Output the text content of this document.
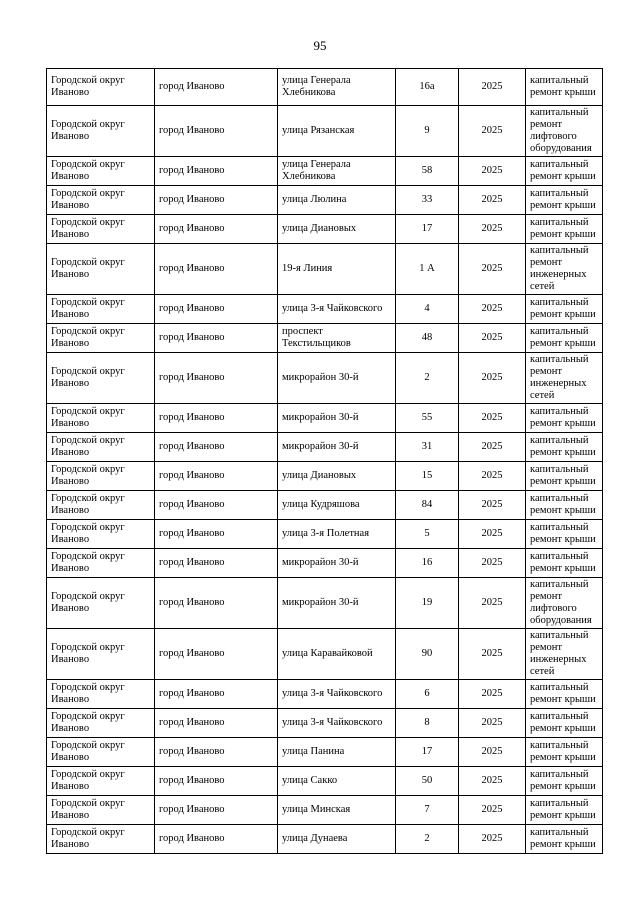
95
Городской округ Иваново	город Иваново	улица Генерала Хлебникова	16а	2025	капитальный ремонт крыши
Городской округ Иваново	город Иваново	улица Рязанская	9	2025	капитальный ремонт лифтового оборудования
Городской округ Иваново	город Иваново	улица Генерала Хлебникова	58	2025	капитальный ремонт крыши
Городской округ Иваново	город Иваново	улица Люлина	33	2025	капитальный ремонт крыши
Городской округ Иваново	город Иваново	улица Диановых	17	2025	капитальный ремонт крыши
Городской округ Иваново	город Иваново	19-я Линия	1 А	2025	капитальный ремонт инженерных сетей
Городской округ Иваново	город Иваново	улица 3-я Чайковского	4	2025	капитальный ремонт крыши
Городской округ Иваново	город Иваново	проспект Текстильщиков	48	2025	капитальный ремонт крыши
Городской округ Иваново	город Иваново	микрорайон 30-й	2	2025	капитальный ремонт инженерных сетей
Городской округ Иваново	город Иваново	микрорайон 30-й	55	2025	капитальный ремонт крыши
Городской округ Иваново	город Иваново	микрорайон 30-й	31	2025	капитальный ремонт крыши
Городской округ Иваново	город Иваново	улица Диановых	15	2025	капитальный ремонт крыши
Городской округ Иваново	город Иваново	улица Кудряшова	84	2025	капитальный ремонт крыши
Городской округ Иваново	город Иваново	улица 3-я Полетная	5	2025	капитальный ремонт крыши
Городской округ Иваново	город Иваново	микрорайон 30-й	16	2025	капитальный ремонт крыши
Городской округ Иваново	город Иваново	микрорайон 30-й	19	2025	капитальный ремонт лифтового оборудования
Городской округ Иваново	город Иваново	улица Каравайковой	90	2025	капитальный ремонт инженерных сетей
Городской округ Иваново	город Иваново	улица 3-я Чайковского	6	2025	капитальный ремонт крыши
Городской округ Иваново	город Иваново	улица 3-я Чайковского	8	2025	капитальный ремонт крыши
Городской округ Иваново	город Иваново	улица Панина	17	2025	капитальный ремонт крыши
Городской округ Иваново	город Иваново	улица Сакко	50	2025	капитальный ремонт крыши
Городской округ Иваново	город Иваново	улица Минская	7	2025	капитальный ремонт крыши
Городской округ Иваново	город Иваново	улица Дунаева	2	2025	капитальный ремонт крыши
